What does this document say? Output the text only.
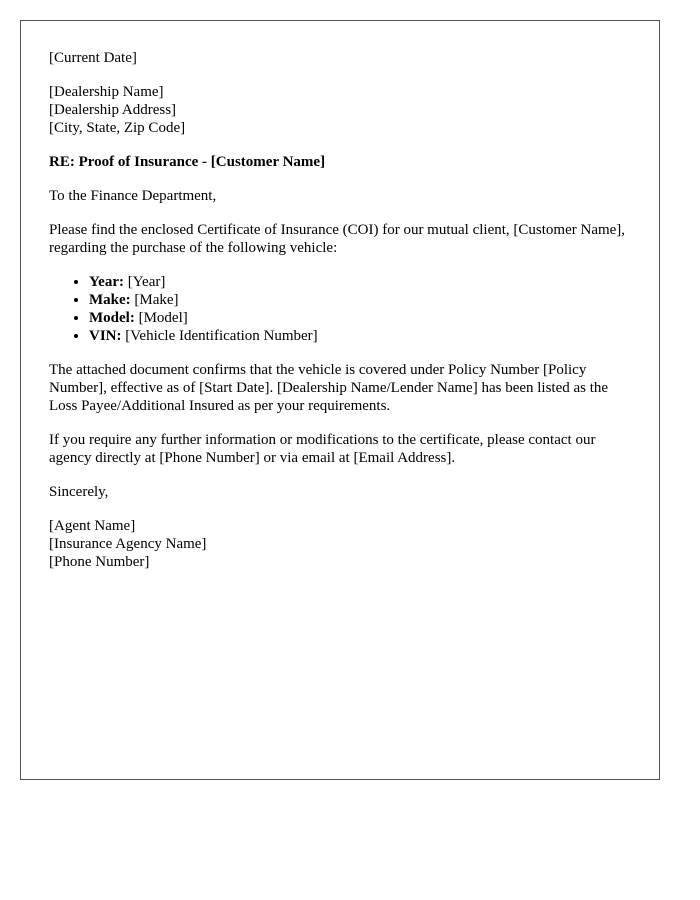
[Current Date]

[Dealership Name]
[Dealership Address]
[City, State, Zip Code]

RE: Proof of Insurance - [Customer Name]

To the Finance Department,

Please find the enclosed Certificate of Insurance (COI) for our mutual client, [Customer Name], regarding the purchase of the following vehicle:

• Year: [Year]
• Make: [Make]
• Model: [Model]
• VIN: [Vehicle Identification Number]

The attached document confirms that the vehicle is covered under Policy Number [Policy Number], effective as of [Start Date]. [Dealership Name/Lender Name] has been listed as the Loss Payee/Additional Insured as per your requirements.

If you require any further information or modifications to the certificate, please contact our agency directly at [Phone Number] or via email at [Email Address].

Sincerely,

[Agent Name]
[Insurance Agency Name]
[Phone Number]
